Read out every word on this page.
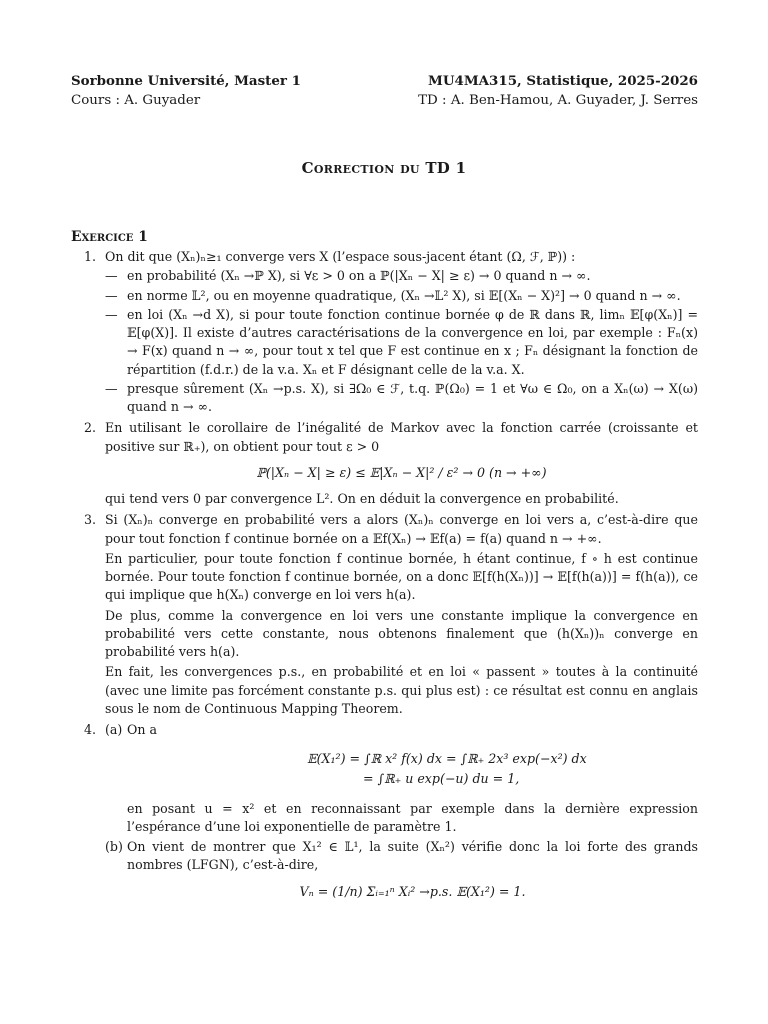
Sorbonne Université, Master 1
Cours : A. Guyader
MU4MA315, Statistique, 2025-2026
TD : A. Ben-Hamou, A. Guyader, J. Serres
Correction du TD 1
Exercice 1
1. On dit que (Xₙ)ₙ≥₁ converge vers X (l’espace sous-jacent étant (Ω, ℱ, ℙ)) :
— en probabilité (Xₙ →ℙ X), si ∀ε > 0 on a ℙ(|Xₙ − X| ≥ ε) → 0 quand n → ∞.
— en norme 𝕃², ou en moyenne quadratique, (Xₙ →𝕃² X), si 𝔼[(Xₙ − X)²] → 0 quand n → ∞.
— en loi (Xₙ →d X), si pour toute fonction continue bornée φ de ℝ dans ℝ, limₙ 𝔼[φ(Xₙ)] = 𝔼[φ(X)]. Il existe d’autres caractérisations de la convergence en loi, par exemple : Fₙ(x) → F(x) quand n → ∞, pour tout x tel que F est continue en x ; Fₙ désignant la fonction de répartition (f.d.r.) de la v.a. Xₙ et F désignant celle de la v.a. X.
— presque sûrement (Xₙ →p.s. X), si ∃Ω₀ ∈ ℱ, t.q. ℙ(Ω₀) = 1 et ∀ω ∈ Ω₀, on a Xₙ(ω) → X(ω) quand n → ∞.
2. En utilisant le corollaire de l’inégalité de Markov avec la fonction carrée (croissante et positive sur ℝ₊), on obtient pour tout ε > 0
ℙ(|Xₙ − X| ≥ ε) ≤ 𝔼|Xₙ − X|² / ε² → 0 (n → +∞)
qui tend vers 0 par convergence L². On en déduit la convergence en probabilité.
3. Si (Xₙ)ₙ converge en probabilité vers a alors (Xₙ)ₙ converge en loi vers a, c’est-à-dire que pour tout fonction f continue bornée on a 𝔼f(Xₙ) → 𝔼f(a) = f(a) quand n → +∞.
En particulier, pour toute fonction f continue bornée, h étant continue, f ∘ h est continue bornée. Pour toute fonction f continue bornée, on a donc 𝔼[f(h(Xₙ))] → 𝔼[f(h(a))] = f(h(a)), ce qui implique que h(Xₙ) converge en loi vers h(a).
De plus, comme la convergence en loi vers une constante implique la convergence en probabilité vers cette constante, nous obtenons finalement que (h(Xₙ))ₙ converge en probabilité vers h(a).
En fait, les convergences p.s., en probabilité et en loi « passent » toutes à la continuité (avec une limite pas forcément constante p.s. qui plus est) : ce résultat est connu en anglais sous le nom de Continuous Mapping Theorem.
4. (a) On a
𝔼(X₁²) = ∫ℝ x² f(x) dx = ∫ℝ₊ 2x³ exp(−x²) dx
= ∫ℝ₊ u exp(−u) du = 1,
en posant u = x² et en reconnaissant par exemple dans la dernière expression l’espérance d’une loi exponentielle de paramètre 1.
(b) On vient de montrer que X₁² ∈ 𝕃¹, la suite (Xₙ²) vérifie donc la loi forte des grands nombres (LFGN), c’est-à-dire,
Vₙ = (1/n) Σᵢ₌₁ⁿ Xᵢ² →p.s. 𝔼(X₁²) = 1.
